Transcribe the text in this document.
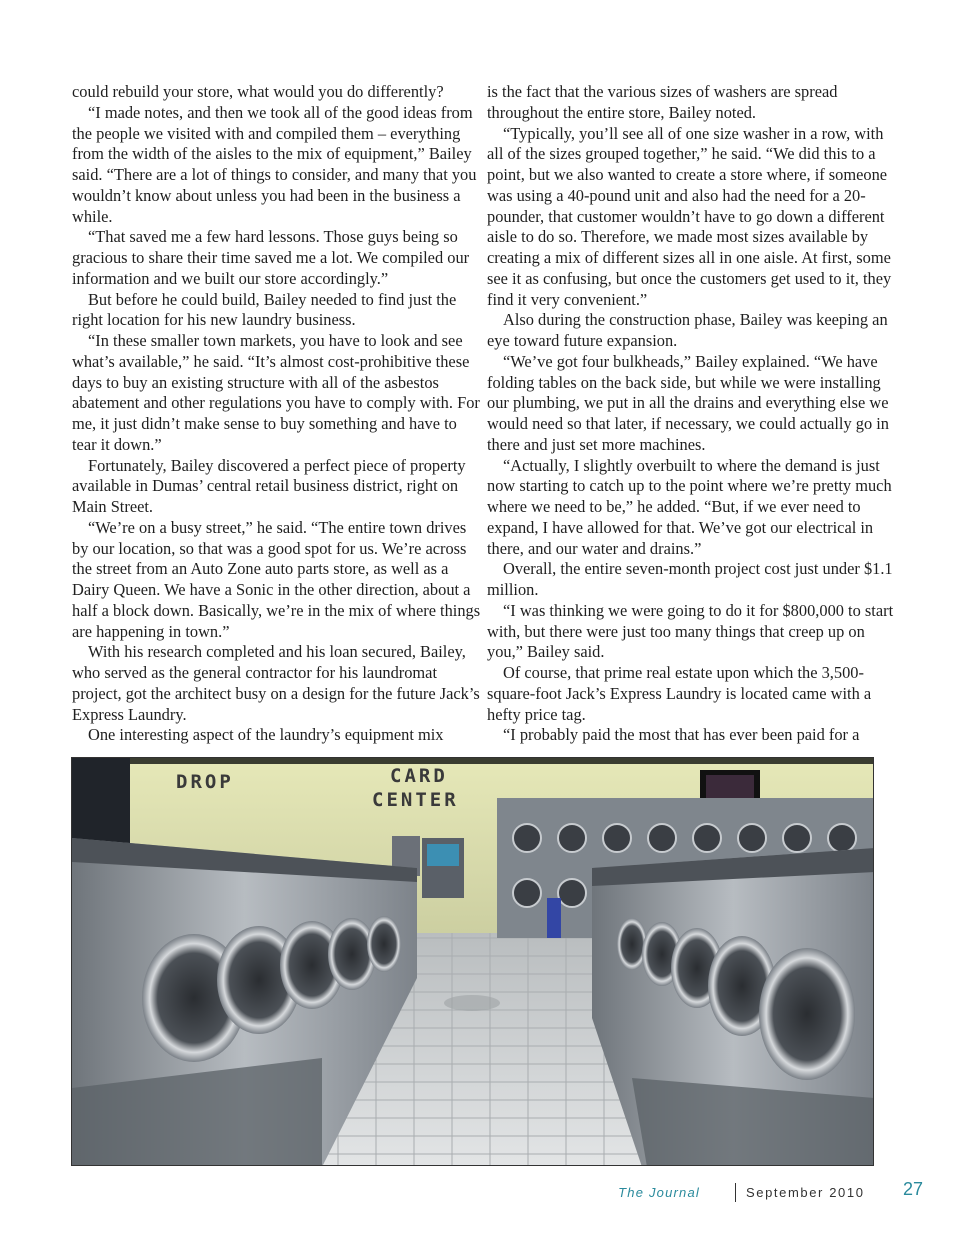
could rebuild your store, what would you do differently?

“I made notes, and then we took all of the good ideas from the people we visited with and compiled them – everything from the width of the aisles to the mix of equipment,” Bailey said. “There are a lot of things to consider, and many that you wouldn’t know about unless you had been in the business a while.

“That saved me a few hard lessons. Those guys being so gracious to share their time saved me a lot. We compiled our information and we built our store accordingly.”

But before he could build, Bailey needed to find just the right location for his new laundry business.

“In these smaller town markets, you have to look and see what’s available,” he said. “It’s almost cost-prohibitive these days to buy an existing structure with all of the asbestos abatement and other regulations you have to comply with. For me, it just didn’t make sense to buy something and have to tear it down.”

Fortunately, Bailey discovered a perfect piece of property available in Dumas’ central retail business district, right on Main Street.

“We’re on a busy street,” he said. “The entire town drives by our location, so that was a good spot for us. We’re across the street from an Auto Zone auto parts store, as well as a Dairy Queen. We have a Sonic in the other direction, about a half a block down. Basically, we’re in the mix of where things are happening in town.”

With his research completed and his loan secured, Bailey, who served as the general contractor for his laundromat project, got the architect busy on a design for the future Jack’s Express Laundry.

One interesting aspect of the laundry’s equipment mix

is the fact that the various sizes of washers are spread throughout the entire store, Bailey noted.

“Typically, you’ll see all of one size washer in a row, with all of the sizes grouped together,” he said. “We did this to a point, but we also wanted to create a store where, if someone was using a 40-pound unit and also had the need for a 20-pounder, that customer wouldn’t have to go down a different aisle to do so. Therefore, we made most sizes available by creating a mix of different sizes all in one aisle. At first, some see it as confusing, but once the customers get used to it, they find it very convenient.”

Also during the construction phase, Bailey was keeping an eye toward future expansion.

“We’ve got four bulkheads,” Bailey explained. “We have folding tables on the back side, but while we were installing our plumbing, we put in all the drains and everything else we would need so that later, if necessary, we could actually go in there and just set more machines.

“Actually, I slightly overbuilt to where the demand is just now starting to catch up to the point where we’re pretty much where we need to be,” he added. “But, if we ever need to expand, I have allowed for that. We’ve got our electrical in there, and our water and drains.”

Overall, the entire seven-month project cost just under $1.1 million.

“I was thinking we were going to do it for $800,000 to start with, but there were just too many things that creep up on you,” Bailey said.

Of course, that prime real estate upon which the 3,500-square-foot Jack’s Express Laundry is located came with a hefty price tag.

“I probably paid the most that has ever been paid for a

DROP	CARD
CENTER
The Journal	September 2010 27
